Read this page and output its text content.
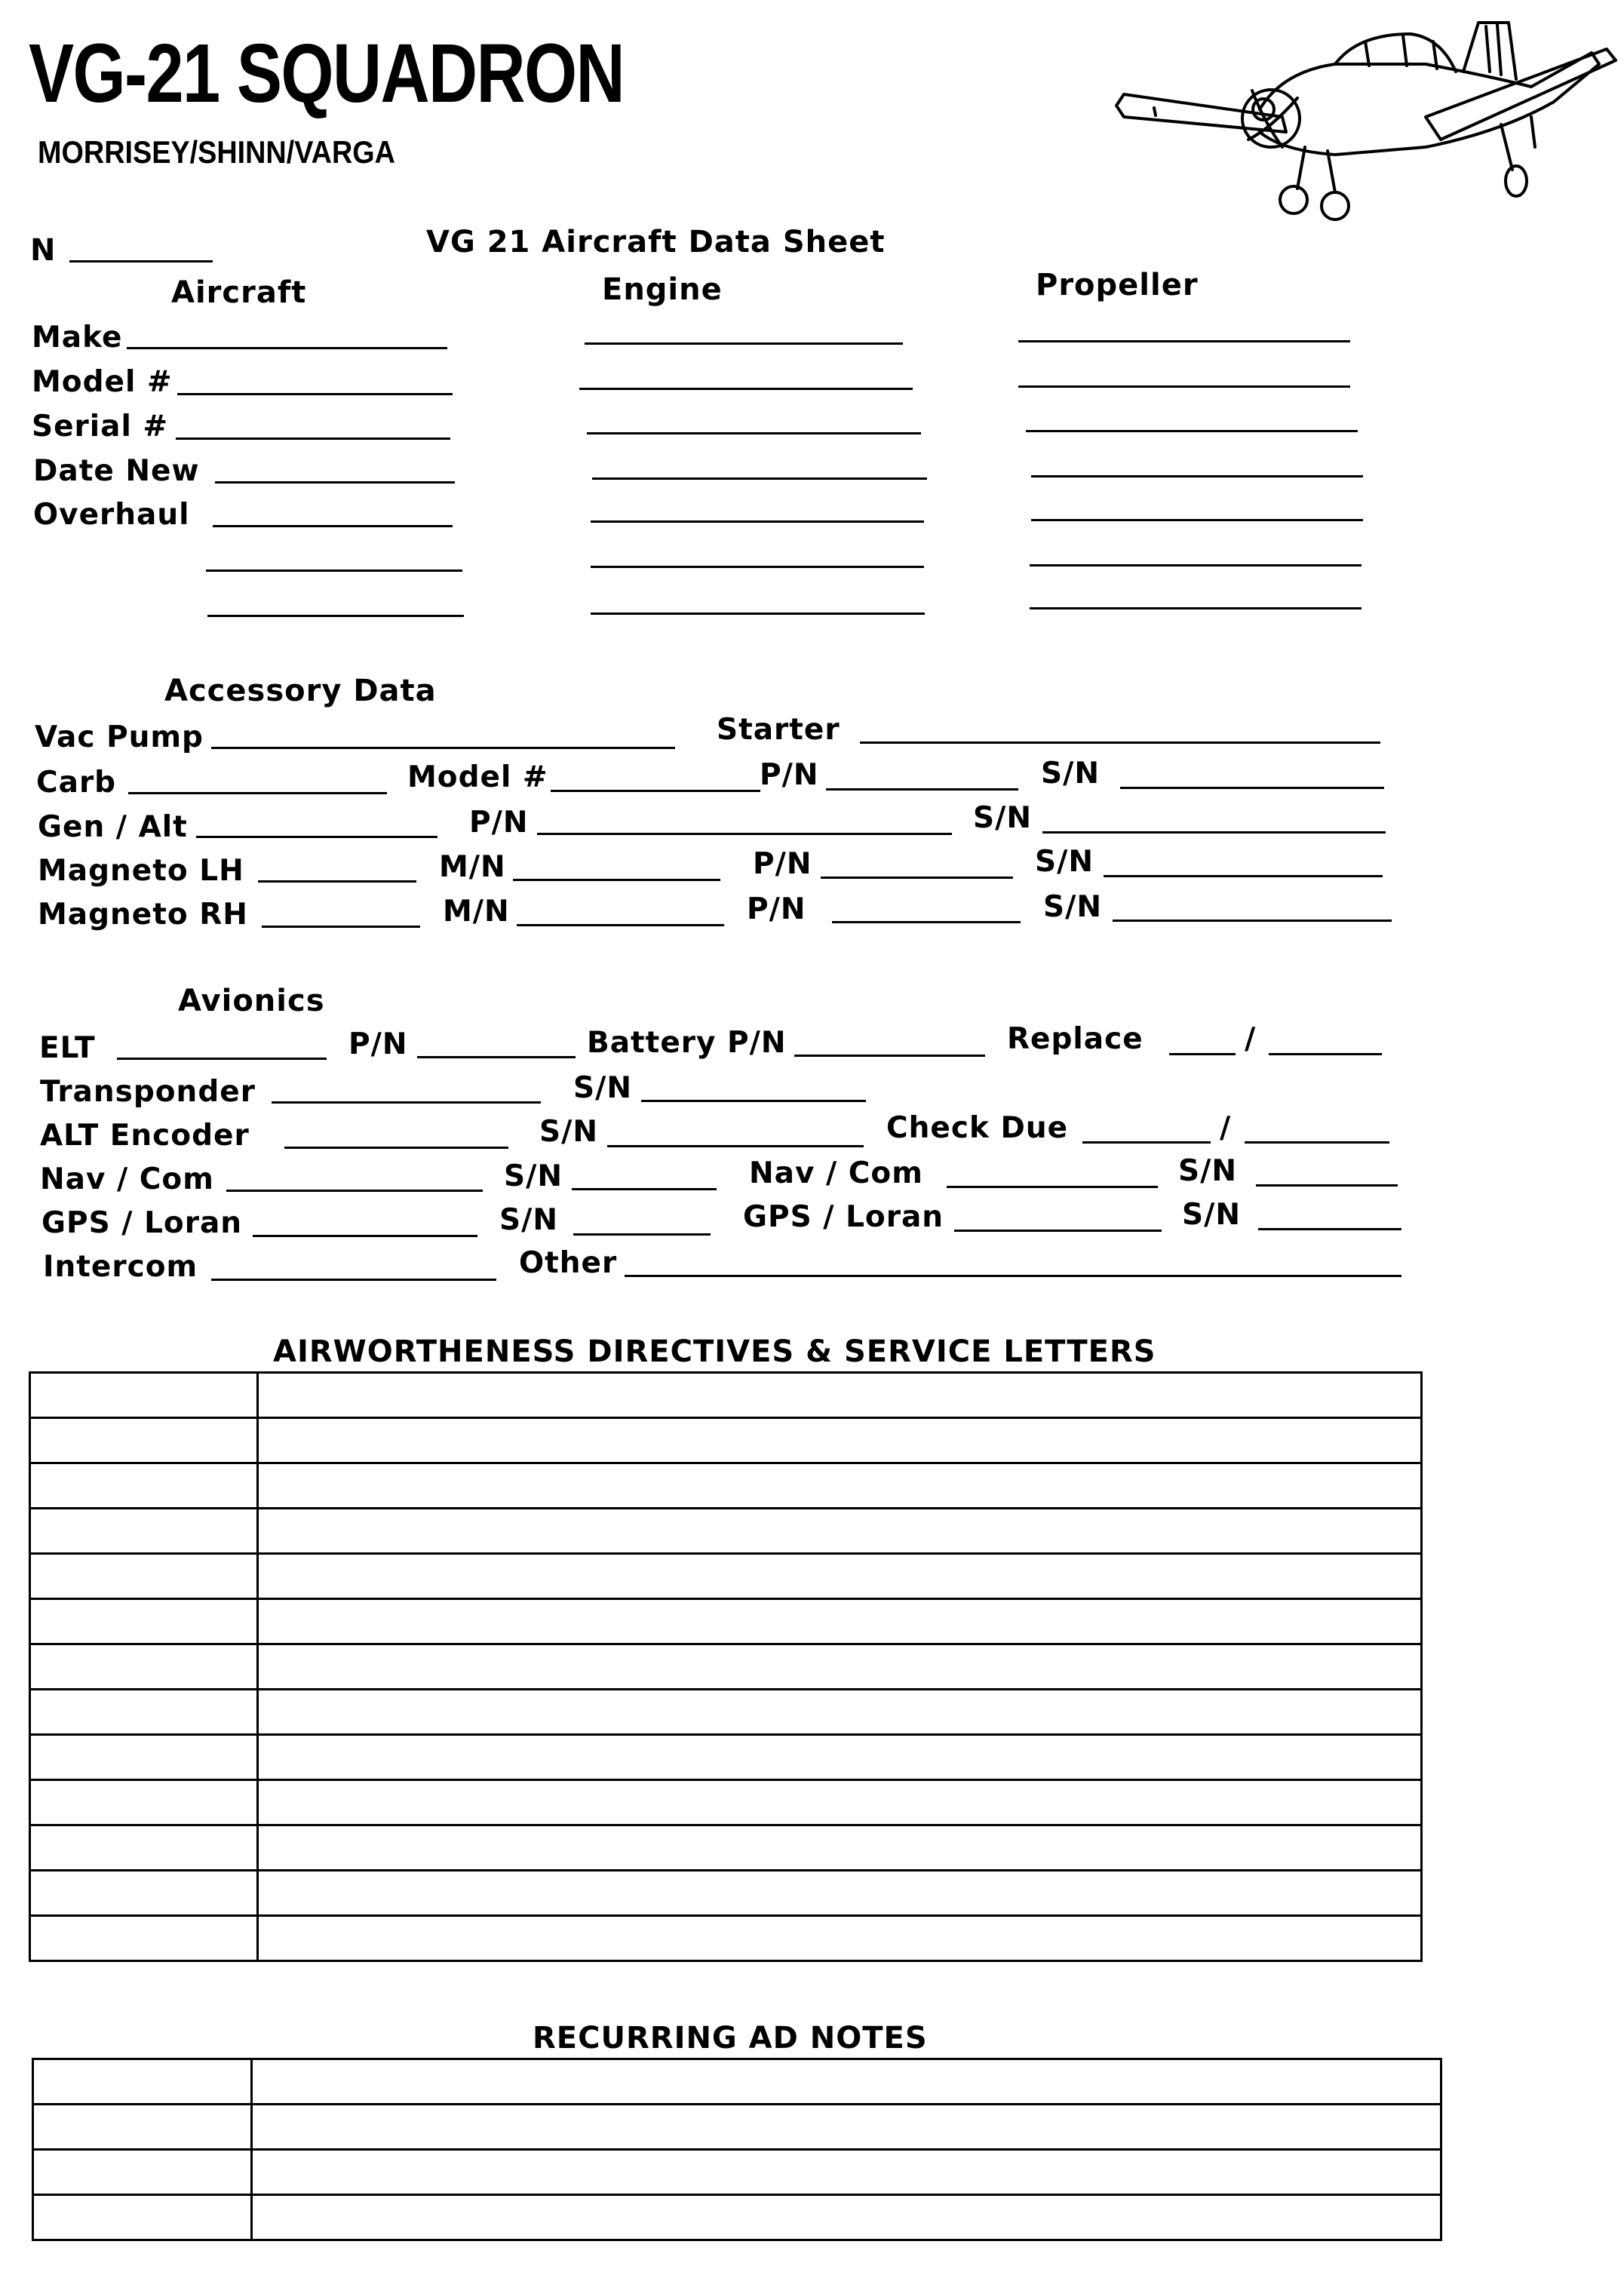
VG-21 SQUADRON
MORRISEY/SHINN/VARGA
N	VG 21 Aircraft Data Sheet
Aircraft	Engine	Propeller
Make
Model #
Serial #
Date New
Overhaul
Accessory Data
Vac Pump	Starter
Carb	Model #	P/N	S/N
Gen / Alt	P/N	S/N
Magneto LH	M/N	P/N	S/N
Magneto RH	M/N	P/N	S/N
Avionics
ELT	P/N	Battery P/N	Replace	/
Transponder	S/N
ALT Encoder	S/N	Check Due	/
Nav / Com	S/N	Nav / Com	S/N
GPS / Loran	S/N	GPS / Loran	S/N
Intercom	Other
AIRWORTHENESS DIRECTIVES & SERVICE LETTERS

RECURRING AD NOTES
